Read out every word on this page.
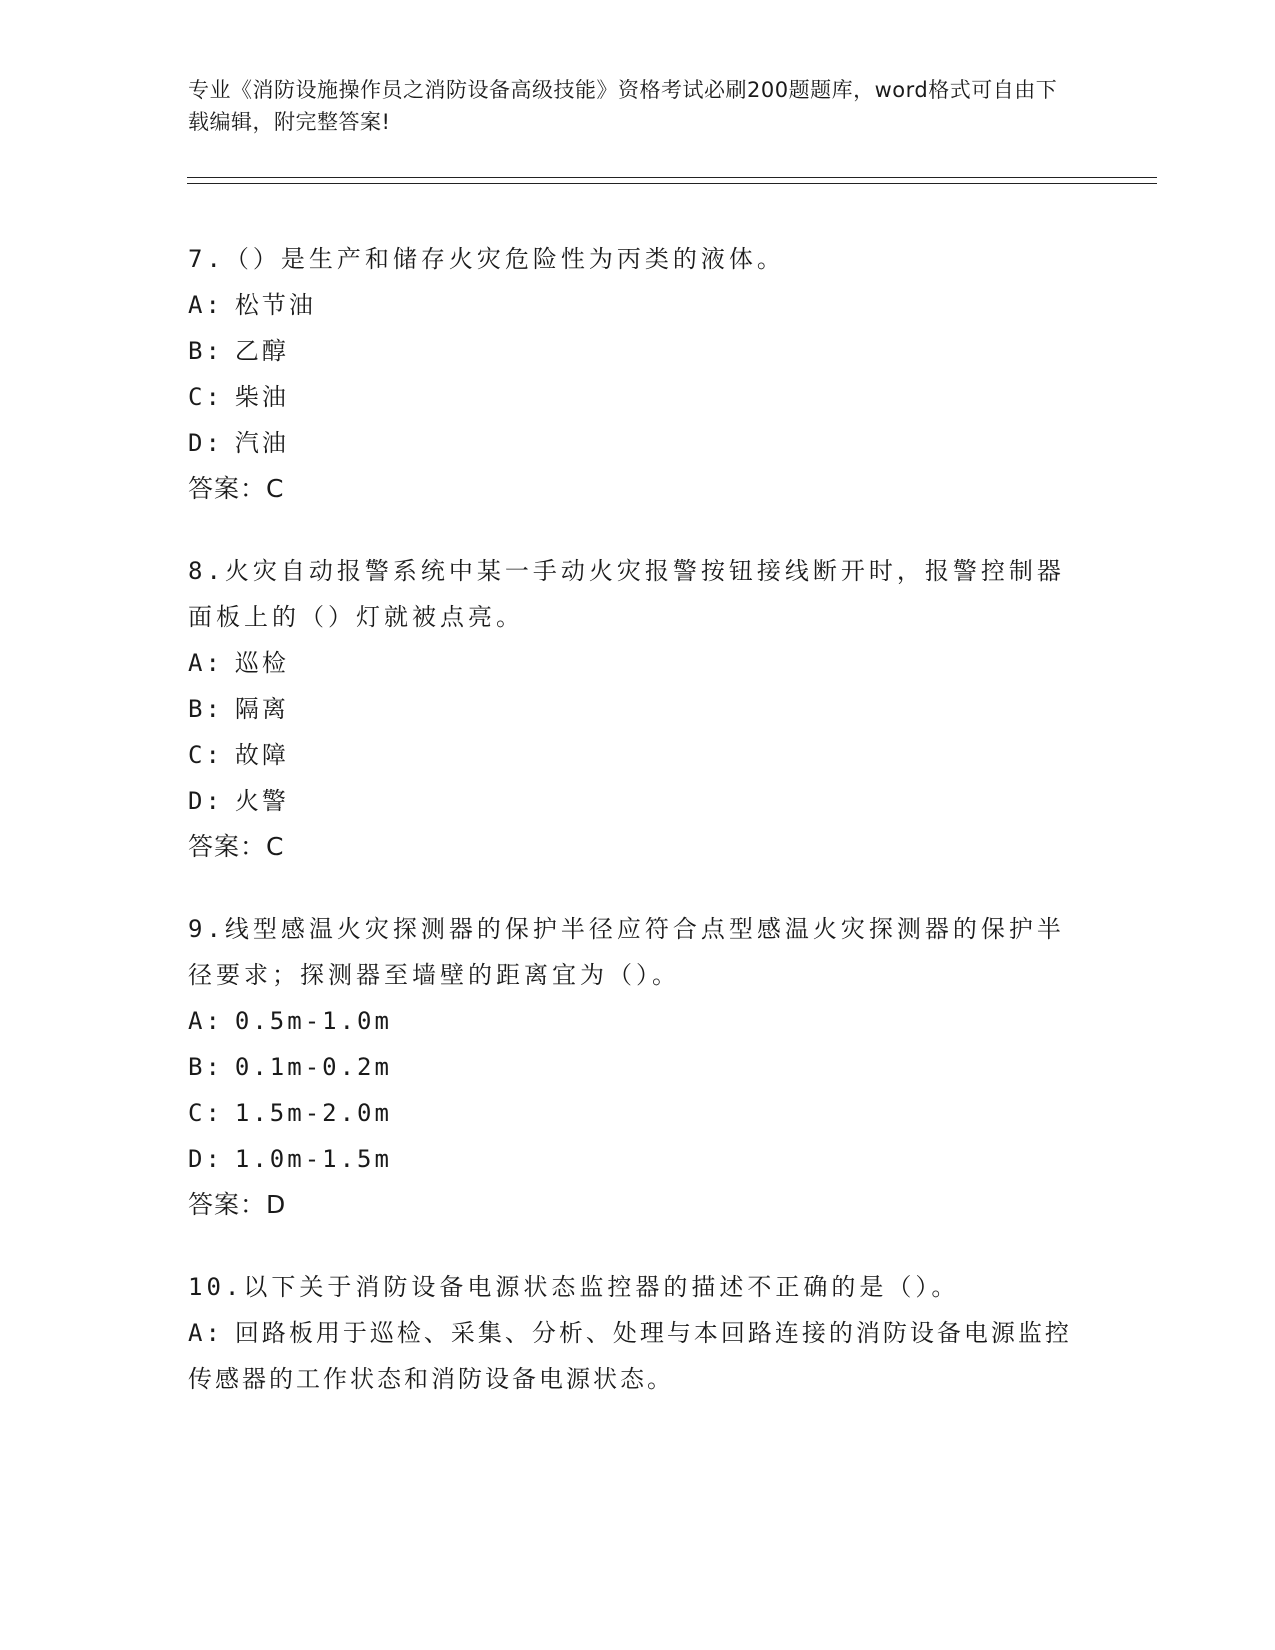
专业《消防设施操作员之消防设备高级技能》资格考试必刷200题题库，word格式可自由下载编辑，附完整答案!

7.（）是生产和储存火灾危险性为丙类的液体。

A: 松节油

B: 乙醇

C: 柴油

D: 汽油

答案：C

8.火灾自动报警系统中某一手动火灾报警按钮接线断开时，报警控制器面板上的（）灯就被点亮。

A: 巡检

B: 隔离

C: 故障

D: 火警

答案：C

9.线型感温火灾探测器的保护半径应符合点型感温火灾探测器的保护半径要求；探测器至墙壁的距离宜为（）。

A: 0.5m-1.0m

B: 0.1m-0.2m

C: 1.5m-2.0m

D: 1.0m-1.5m

答案：D

10.以下关于消防设备电源状态监控器的描述不正确的是（）。

A: 回路板用于巡检、采集、分析、处理与本回路连接的消防设备电源监控传感器的工作状态和消防设备电源状态。
